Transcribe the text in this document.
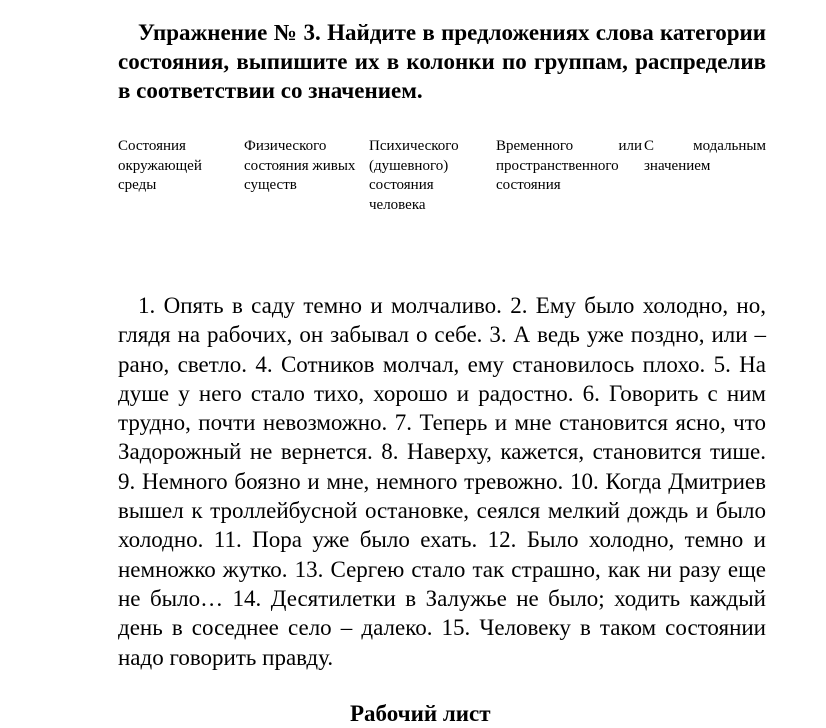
Упражнение № 3. Найдите в предложениях слова категории состояния, выпишите их в колонки по группам, распределив в соответствии со значением.

Состояния окружающей среды
Физического состояния живых существ
Психического (душевного) состояния человека
Временного или пространственного состояния
С модальным значением

1. Опять в саду темно и молчаливо. 2. Ему было холодно, но, глядя на рабочих, он забывал о себе. 3. А ведь уже поздно, или – рано, светло. 4. Сотников молчал, ему становилось плохо. 5. На душе у него стало тихо, хорошо и радостно. 6. Говорить с ним трудно, почти невозможно. 7. Теперь и мне становится ясно, что Задорожный не вернется. 8. Наверху, кажется, становится тише. 9. Немного боязно и мне, немного тревожно. 10. Когда Дмитриев вышел к троллейбусной остановке, сеялся мелкий дождь и было холодно. 11. Пора уже было ехать. 12. Было холодно, темно и немножко жутко. 13. Сергею стало так страшно, как ни разу еще не было… 14. Десятилетки в Залужье не было; ходить каждый день в соседнее село – далеко. 15. Человеку в таком состоянии надо говорить правду.

Рабочий лист
